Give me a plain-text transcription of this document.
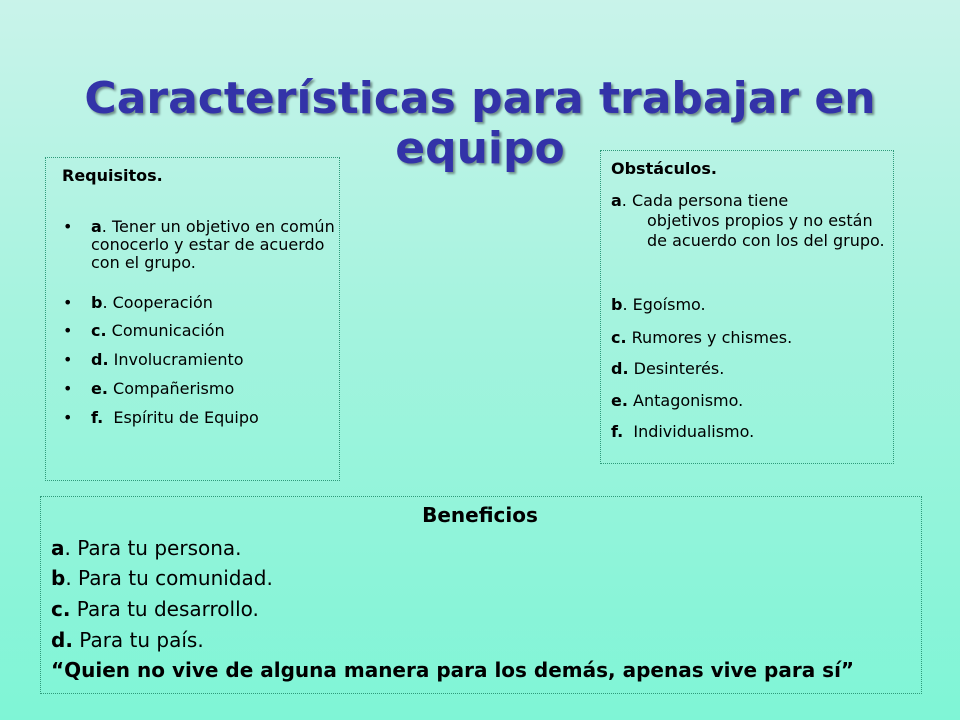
Características para trabajar en
equipo
Requisitos.
• a. Tener un objetivo en común conocerlo y estar de acuerdo con el grupo.
• b. Cooperación
• c. Comunicación
• d. Involucramiento
• e. Compañerismo
• f.  Espíritu de Equipo
Obstáculos.
a. Cada persona tiene
objetivos propios y no están de acuerdo con los del grupo.
b. Egoísmo.
c. Rumores y chismes.
d. Desinterés.
e. Antagonismo.
f.  Individualismo.
Beneficios
a. Para tu persona.
b. Para tu comunidad.
c. Para tu desarrollo.
d. Para tu país.
“Quien no vive de alguna manera para los demás, apenas vive para sí”
